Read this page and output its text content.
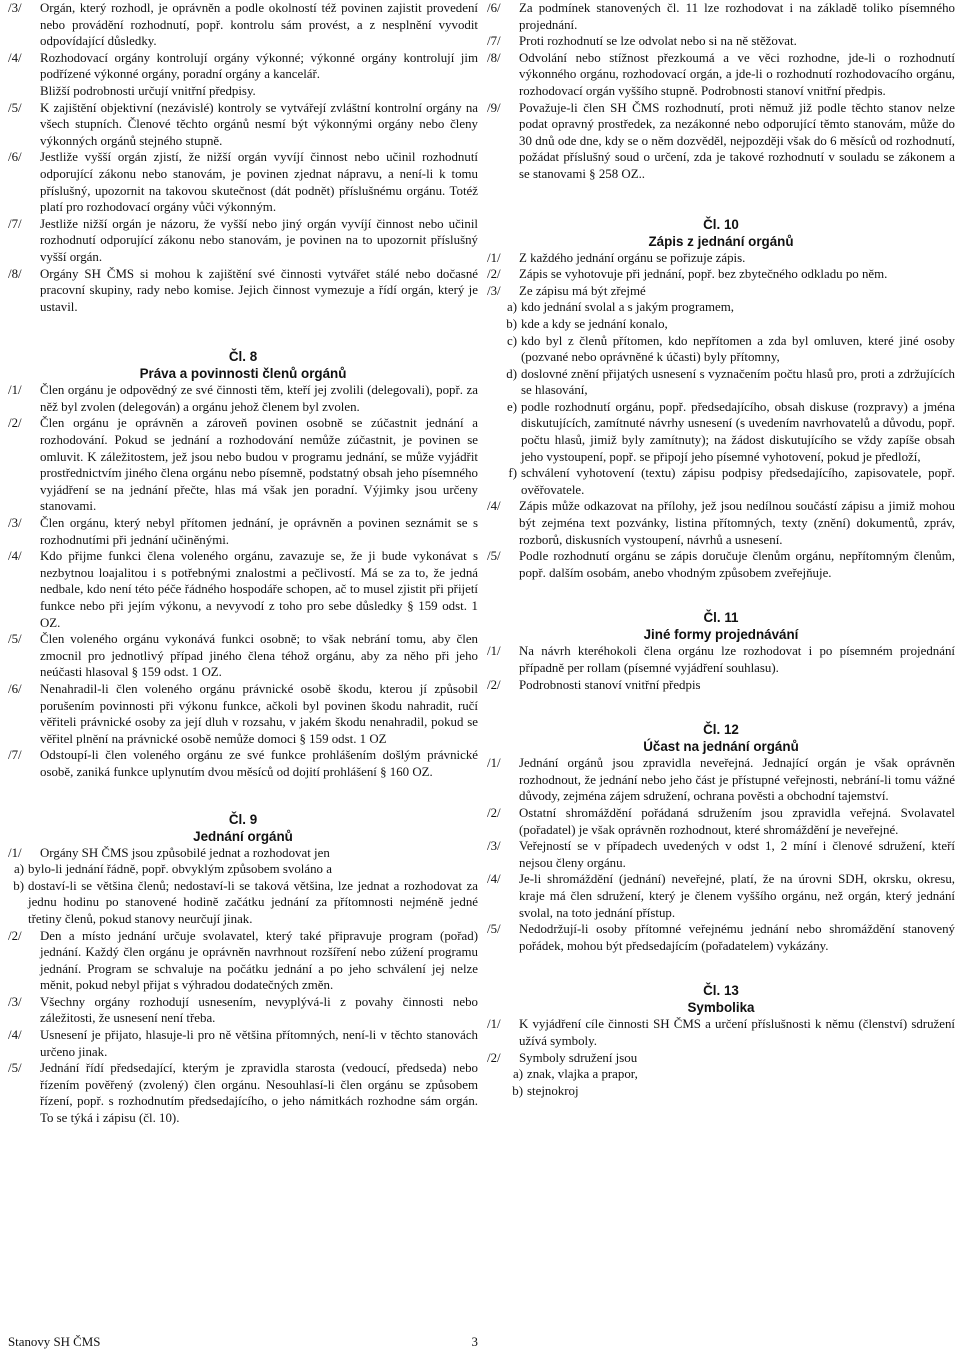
/3/	Orgán, který rozhodl, je oprávněn a podle okolností též povinen zajistit provedení nebo provádění rozhodnutí, popř. kontrolu sám provést, a z nesplnění vyvodit odpovídající důsledky.
/4/	Rozhodovací orgány kontrolují orgány výkonné; výkonné orgány kontrolují jim podřízené výkonné orgány, poradní orgány a kancelář.
Bližší podrobnosti určují vnitřní předpisy.
/5/	K zajištění objektivní (nezávislé) kontroly se vytvářejí zvláštní kontrolní orgány na všech stupních. Členové těchto orgánů nesmí být výkonnými orgány nebo členy výkonných orgánů stejného stupně.
/6/	Jestliže vyšší orgán zjistí, že nižší orgán vyvíjí činnost nebo učinil rozhodnutí odporující zákonu nebo stanovám, je povinen zjednat nápravu, a není-li k tomu příslušný, upozornit na takovou skutečnost (dát podnět) příslušnému orgánu. Totéž platí pro rozhodovací orgány vůči výkonným.
/7/	Jestliže nižší orgán je názoru, že vyšší nebo jiný orgán vyvíjí činnost nebo učinil rozhodnutí odporující zákonu nebo stanovám, je povinen na to upozornit příslušný vyšší orgán.
/8/	Orgány SH ČMS si mohou k zajištění své činnosti vytvářet stálé nebo dočasné pracovní skupiny, rady nebo komise. Jejich činnost vymezuje a řídí orgán, který je ustavil.
Čl. 8
Práva a povinnosti členů orgánů
/1/	Člen orgánu je odpovědný ze své činnosti těm, kteří jej zvolili (delegovali), popř. za něž byl zvolen (delegován) a orgánu jehož členem byl zvolen.
/2/	Člen orgánu je oprávněn a zároveň povinen osobně se zúčastnit jednání a rozhodování. Pokud se jednání a rozhodování nemůže zúčastnit, je povinen se omluvit. K záležitostem, jež jsou nebo budou v programu jednání, se může vyjádřit prostřednictvím jiného člena orgánu nebo písemně, podstatný obsah jeho písemného vyjádření se na jednání přečte, hlas má však jen poradní. Výjimky jsou určeny stanovami.
/3/	Člen orgánu, který nebyl přítomen jednání, je oprávněn a povinen seznámit se s rozhodnutími při jednání učiněnými.
/4/	Kdo přijme funkci člena voleného orgánu, zavazuje se, že ji bude vykonávat s nezbytnou loajalitou i s potřebnými znalostmi a pečlivostí. Má se za to, že jedná nedbale, kdo není této péče řádného hospodáře schopen, ač to musel zjistit při přijetí funkce nebo při jejím výkonu, a nevyvodí z toho pro sebe důsledky § 159 odst. 1 OZ.
/5/	Člen voleného orgánu vykonává funkci osobně; to však nebrání tomu, aby člen zmocnil pro jednotlivý případ jiného člena téhož orgánu, aby za něho při jeho neúčasti hlasoval § 159 odst. 1 OZ.
/6/	Nenahradil-li člen voleného orgánu právnické osobě škodu, kterou jí způsobil porušením povinnosti při výkonu funkce, ačkoli byl povinen škodu nahradit, ručí věřiteli právnické osoby za její dluh v rozsahu, v jakém škodu nenahradil, pokud se věřitel plnění na právnické osobě nemůže domoci § 159 odst. 1 OZ
/7/	Odstoupí-li člen voleného orgánu ze své funkce prohlášením došlým právnické osobě, zaniká funkce uplynutím dvou měsíců od dojití prohlášení § 160 OZ.
Čl. 9
Jednání orgánů
/1/	Orgány SH ČMS jsou způsobilé jednat a rozhodovat jen
a) bylo-li jednání řádně, popř. obvyklým způsobem svoláno a
b) dostaví-li se většina členů; nedostaví-li se taková většina, lze jednat a rozhodovat za jednu hodinu po stanovené hodině začátku jednání za přítomnosti nejméně jedné třetiny členů, pokud stanovy neurčují jinak.
/2/	Den a místo jednání určuje svolavatel, který také připravuje program (pořad) jednání. Každý člen orgánu je oprávněn navrhnout rozšíření nebo zúžení programu jednání. Program se schvaluje na počátku jednání a po jeho schválení jej nelze měnit, pokud nebyl přijat s výhradou dodatečných změn.
/3/	Všechny orgány rozhodují usnesením, nevyplývá-li z povahy činnosti nebo záležitosti, že usnesení není třeba.
/4/	Usnesení je přijato, hlasuje-li pro ně většina přítomných, není-li v těchto stanovách určeno jinak.
/5/	Jednání řídí předsedající, kterým je zpravidla starosta (vedoucí, předseda) nebo řízením pověřený (zvolený) člen orgánu. Nesouhlasí-li člen orgánu se způsobem řízení, popř. s rozhodnutím předsedajícího, o jeho námitkách rozhodne sám orgán. To se týká i zápisu (čl. 10).
/6/	Za podmínek stanovených čl. 11 lze rozhodovat i na základě toliko písemného projednání.
/7/	Proti rozhodnutí se lze odvolat nebo si na ně stěžovat.
/8/	Odvolání nebo stížnost přezkoumá a ve věci rozhodne, jde-li o rozhodnutí výkonného orgánu, rozhodovací orgán, a jde-li o rozhodnutí rozhodovacího orgánu, rozhodovací orgán vyššího stupně. Podrobnosti stanoví vnitřní předpis.
/9/	Považuje-li člen SH ČMS rozhodnutí, proti němuž již podle těchto stanov nelze podat opravný prostředek, za nezákonné nebo odporující těmto stanovám, může do 30 dnů ode dne, kdy se o něm dozvěděl, nejpozději však do 6 měsíců od rozhodnutí, požádat příslušný soud o určení, zda je takové rozhodnutí v souladu se zákonem a se stanovami § 258 OZ..
Čl. 10
Zápis z jednání orgánů
/1/	Z každého jednání orgánu se pořizuje zápis.
/2/	Zápis se vyhotovuje při jednání, popř. bez zbytečného odkladu po něm.
/3/	Ze zápisu má být zřejmé
a) kdo jednání svolal a s jakým programem,
b) kde a kdy se jednání konalo,
c) kdo byl z členů přítomen, kdo nepřítomen a zda byl omluven, které jiné osoby (pozvané nebo oprávněné k účasti) byly přítomny,
d) doslovné znění přijatých usnesení s vyznačením počtu hlasů pro, proti a zdržujících se hlasování,
e) podle rozhodnutí orgánu, popř. předsedajícího, obsah diskuse (rozpravy) a jména diskutujících, zamítnuté návrhy usnesení (s uvedením navrhovatelů a důvodu, popř. počtu hlasů, jimiž byly zamítnuty); na žádost diskutujícího se vždy zapíše obsah jeho vystoupení, popř. se připojí jeho písemné vyhotovení, pokud je předloží,
f) schválení vyhotovení (textu) zápisu podpisy předsedajícího, zapisovatele, popř. ověřovatele.
/4/	Zápis může odkazovat na přílohy, jež jsou nedílnou součástí zápisu a jimiž mohou být zejména text pozvánky, listina přítomných, texty (znění) dokumentů, zpráv, rozborů, diskusních vystoupení, návrhů a usnesení.
/5/	Podle rozhodnutí orgánu se zápis doručuje členům orgánu, nepřítomným členům, popř. dalším osobám, anebo vhodným způsobem zveřejňuje.
Čl. 11
Jiné formy projednávání
/1/	Na návrh kteréhokoli člena orgánu lze rozhodovat i po písemném projednání případně per rollam (písemné vyjádření souhlasu).
/2/	Podrobnosti stanoví vnitřní předpis
Čl. 12
Účast na jednání orgánů
/1/	Jednání orgánů jsou zpravidla neveřejná. Jednající orgán je však oprávněn rozhodnout, že jednání nebo jeho část je přístupné veřejnosti, nebrání-li tomu vážné důvody, zejména zájem sdružení, ochrana pověsti a obchodní tajemství.
/2/	Ostatní shromáždění pořádaná sdružením jsou zpravidla veřejná. Svolavatel (pořadatel) je však oprávněn rozhodnout, které shromáždění je neveřejné.
/3/	Veřejností se v případech uvedených v odst 1, 2 míní i členové sdružení, kteří nejsou členy orgánu.
/4/	Je-li shromáždění (jednání) neveřejné, platí, že na úrovni SDH, okrsku, okresu, kraje má člen sdružení, který je členem vyššího orgánu, než orgán, který jednání svolal, na toto jednání přístup.
/5/	Nedodržují-li osoby přítomné veřejnému jednání nebo shromáždění stanovený pořádek, mohou být předsedajícím (pořadatelem) vykázány.
Čl. 13
Symbolika
/1/	K vyjádření cíle činnosti SH ČMS a určení příslušnosti k němu (členství) sdružení užívá symboly.
/2/	Symboly sdružení jsou
a) znak, vlajka a prapor,
b) stejnokroj
Stanovy SH ČMS	3
